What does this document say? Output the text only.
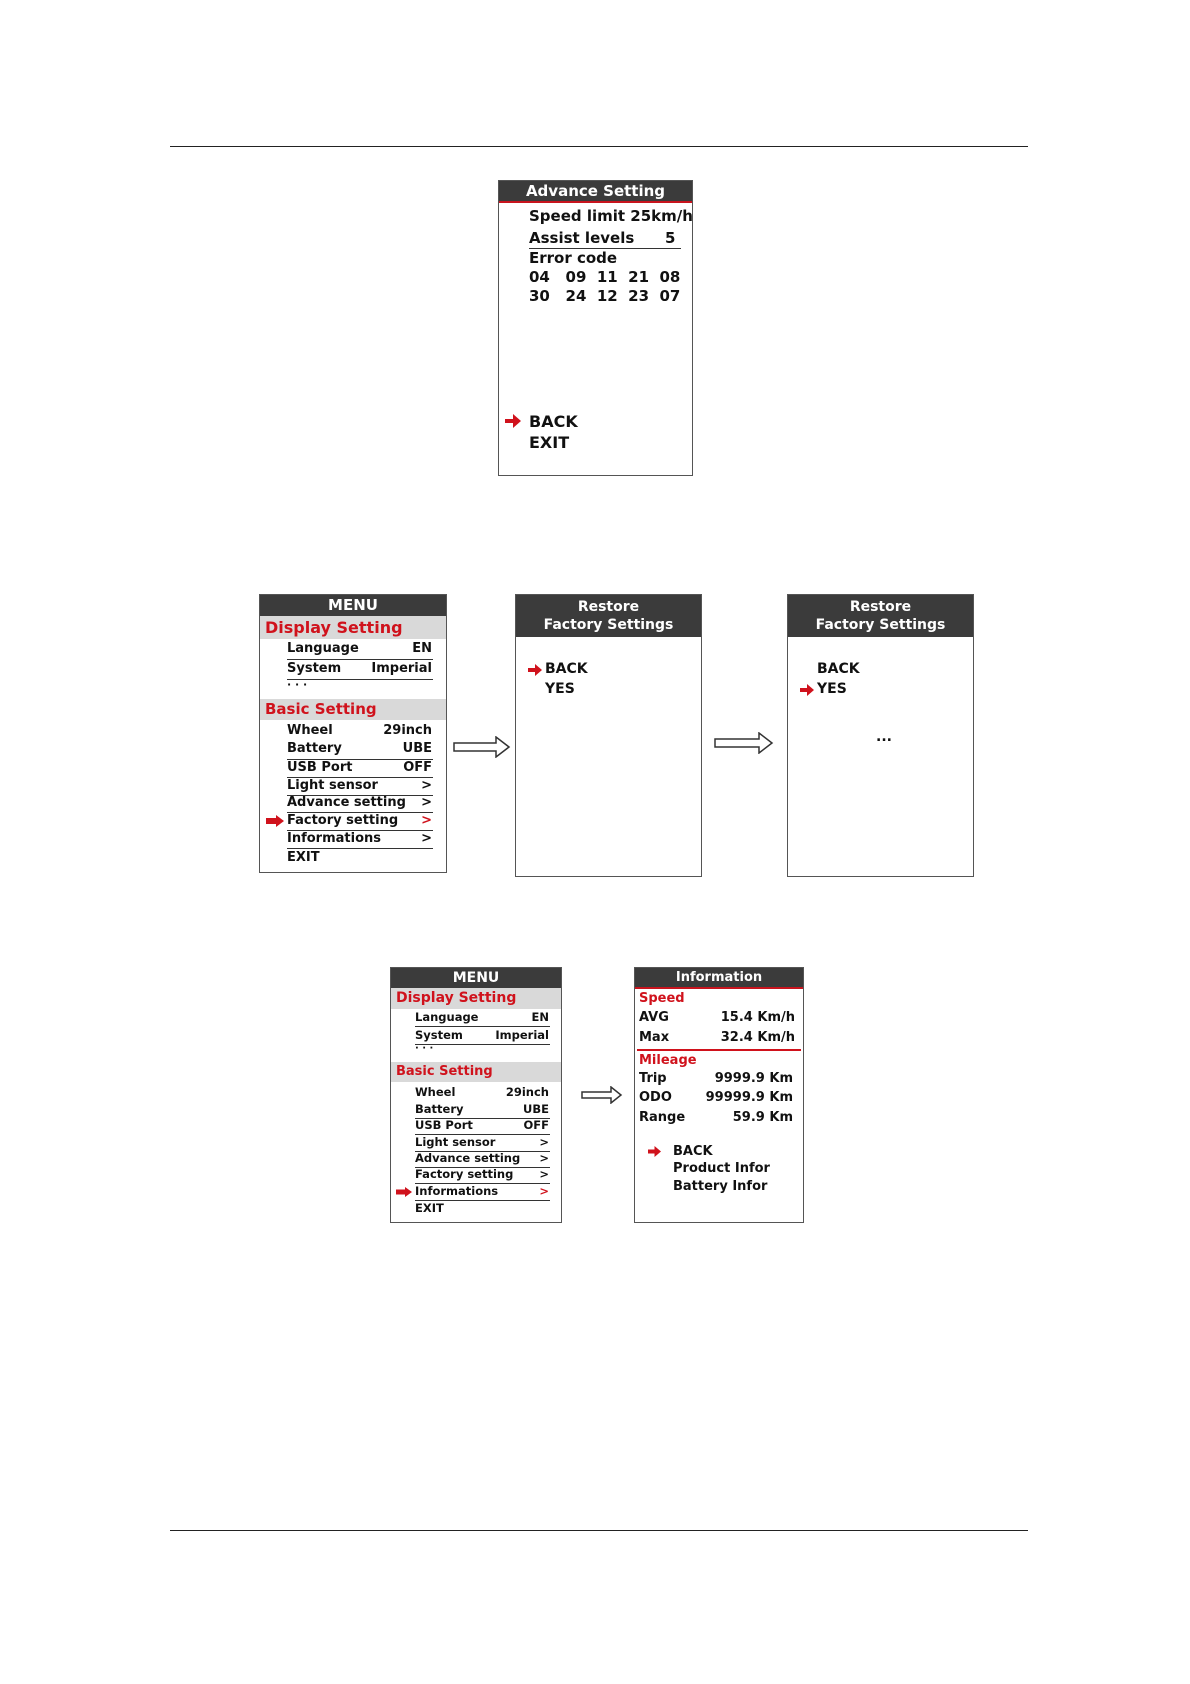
Advance Setting
Speed limit 25km/h
Assist levels 5
Error code
04   09  11  21  08
30   24  12  23  07
BACK
EXIT
MENU
Display Setting
Language	EN
System Imperial
· · ·
Basic Setting
Wheel	29inch
Battery	UBE
USB Port	OFF
Light sensor	>
Advance setting >
Factory setting >
Informations	>
EXIT
Restore
Factory Settings
BACK
YES
Restore
Factory Settings
BACK
YES
...
MENU
Display Setting
Language	EN
System	Imperial
· · ·
Basic Setting
Wheel	29inch
Battery	UBE
USB Port	OFF
Light sensor	>
Advance setting >
Factory setting >
Informations	>
EXIT
Information
Speed
AVG	15.4 Km/h
Max	32.4 Km/h
Mileage
Trip	9999.9 Km
ODO	99999.9 Km
Range	59.9 Km
BACK
Product Infor
Battery Infor
